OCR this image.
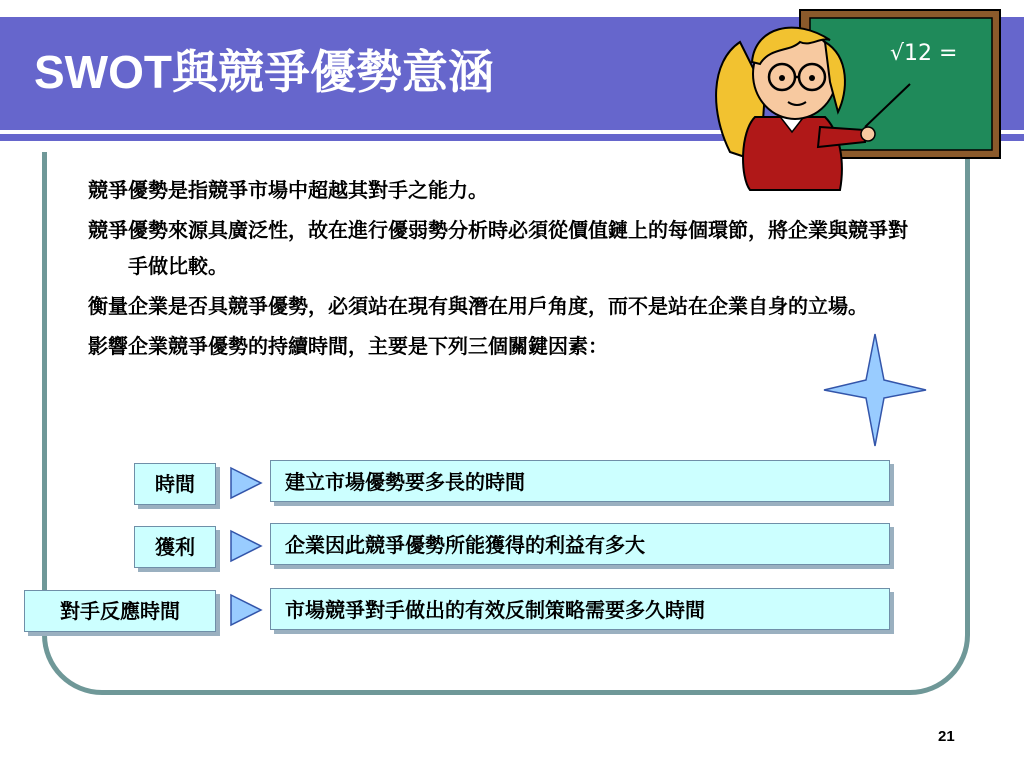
SWOT與競爭優勢意涵	√12 =

競爭優勢是指競爭市場中超越其對手之能力。

競爭優勢來源具廣泛性，故在進行優弱勢分析時必須從價值鏈上的每個環節，將企業與競爭對手做比較。

衡量企業是否具競爭優勢，必須站在現有與潛在用戶角度，而不是站在企業自身的立場。

影響企業競爭優勢的持續時間，主要是下列三個關鍵因素：

時間	建立市場優勢要多長的時間
獲利	企業因此競爭優勢所能獲得的利益有多大
對手反應時間	市場競爭對手做出的有效反制策略需要多久時間
21
